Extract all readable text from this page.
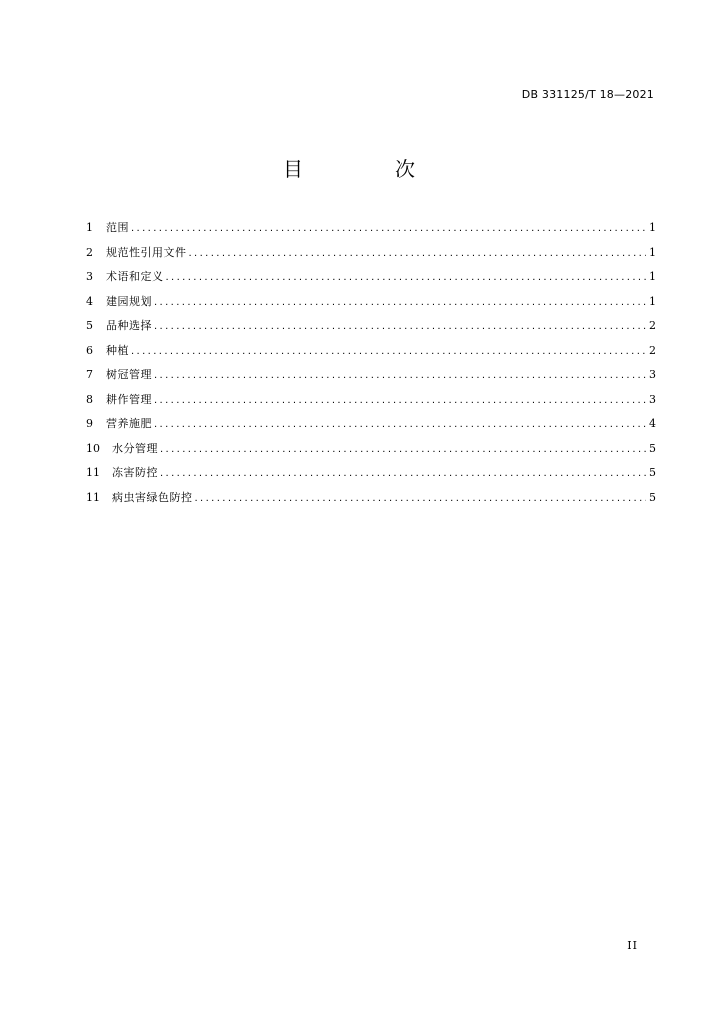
DB 331125/T 18—2021
目　次
1	范围 . . .	1
2	规范性引用文件 . . .	1
3	术语和定义 . . .	1
4	建园规划 . . .	1
5	品种选择 . . .	2
6	种植 . . .	2
7	树冠管理 . . .	3
8	耕作管理 . . .	3
9	营养施肥 . . .	4
10	水分管理 . . .	5
11	冻害防控 . . .	5
11	病虫害绿色防控 . . .	5
II
